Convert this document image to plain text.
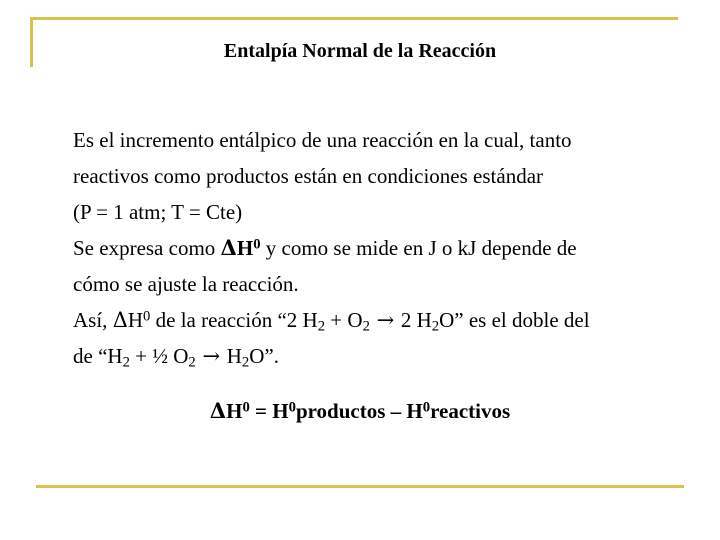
Entalpía Normal de la Reacción
Es el incremento entálpico de una reacción en la cual, tanto
reactivos como productos están en condiciones estándar
(P = 1 atm; T = Cte)
Se expresa como $\Delta H^0$ y como se mide en J o kJ depende de
cómo se ajuste la reacción.
Así, $\Delta H^0$ de la reacción “2 $H_2 + O_2 \to 2$ $H_2O$” es el doble del
de “$H_2$ + ½ $O_2 \to H_2O$”.
$\Delta H^0$ = $H^0productos$ – $H^0reactivos$
